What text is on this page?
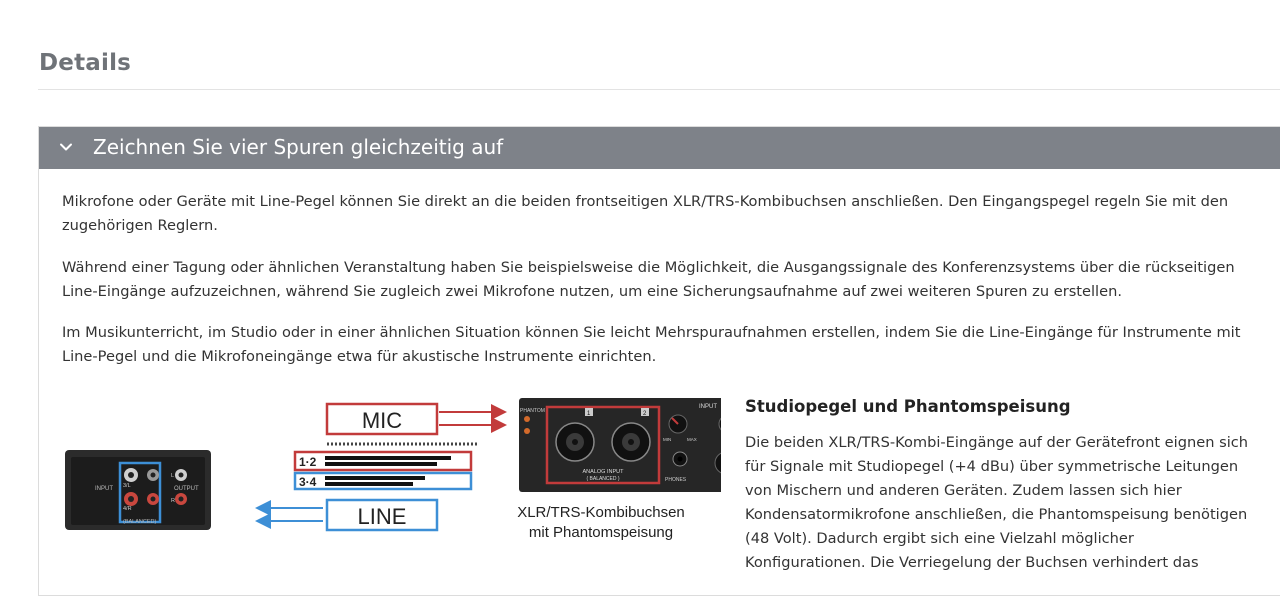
Details
Zeichnen Sie vier Spuren gleichzeitig auf

Mikrofone oder Geräte mit Line-Pegel können Sie direkt an die beiden frontseitigen XLR/TRS-Kombibuchsen anschließen. Den Eingangspegel regeln Sie mit den zugehörigen Reglern.

Während einer Tagung oder ähnlichen Veranstaltung haben Sie beispielsweise die Möglichkeit, die Ausgangssignale des Konferenzsystems über die rückseitigen Line-Eingänge aufzuzeichnen, während Sie zugleich zwei Mikrofone nutzen, um eine Sicherungsaufnahme auf zwei weiteren Spuren zu erstellen.

Im Musikunterricht, im Studio oder in einer ähnlichen Situation können Sie leicht Mehrspuraufnahmen erstellen, indem Sie die Line-Eingänge für Instrumente mit Line-Pegel und die Mikrofoneingänge etwa für akustische Instrumente einrichten.

INPUT 3/L
4/R
L
R
OUTPUT
(BALANCED)
MIC
1·2
3·4
LINE
PHANTOM	1	2
ANALOG INPUT
( BALANCED )
INPUT
MIN	MAX
PHONES
XLR/TRS-Kombibuchsen
mit Phantomspeisung
Studiopegel und Phantomspeisung

Die beiden XLR/TRS-Kombi-Eingänge auf der Gerätefront eignen sich für Signale mit Studiopegel (+4 dBu) über symmetrische Leitungen von Mischern und anderen Geräten. Zudem lassen sich hier Kondensatormikrofone anschließen, die Phantomspeisung benötigen (48 Volt). Dadurch ergibt sich eine Vielzahl möglicher Konfigurationen. Die Verriegelung der Buchsen verhindert das
